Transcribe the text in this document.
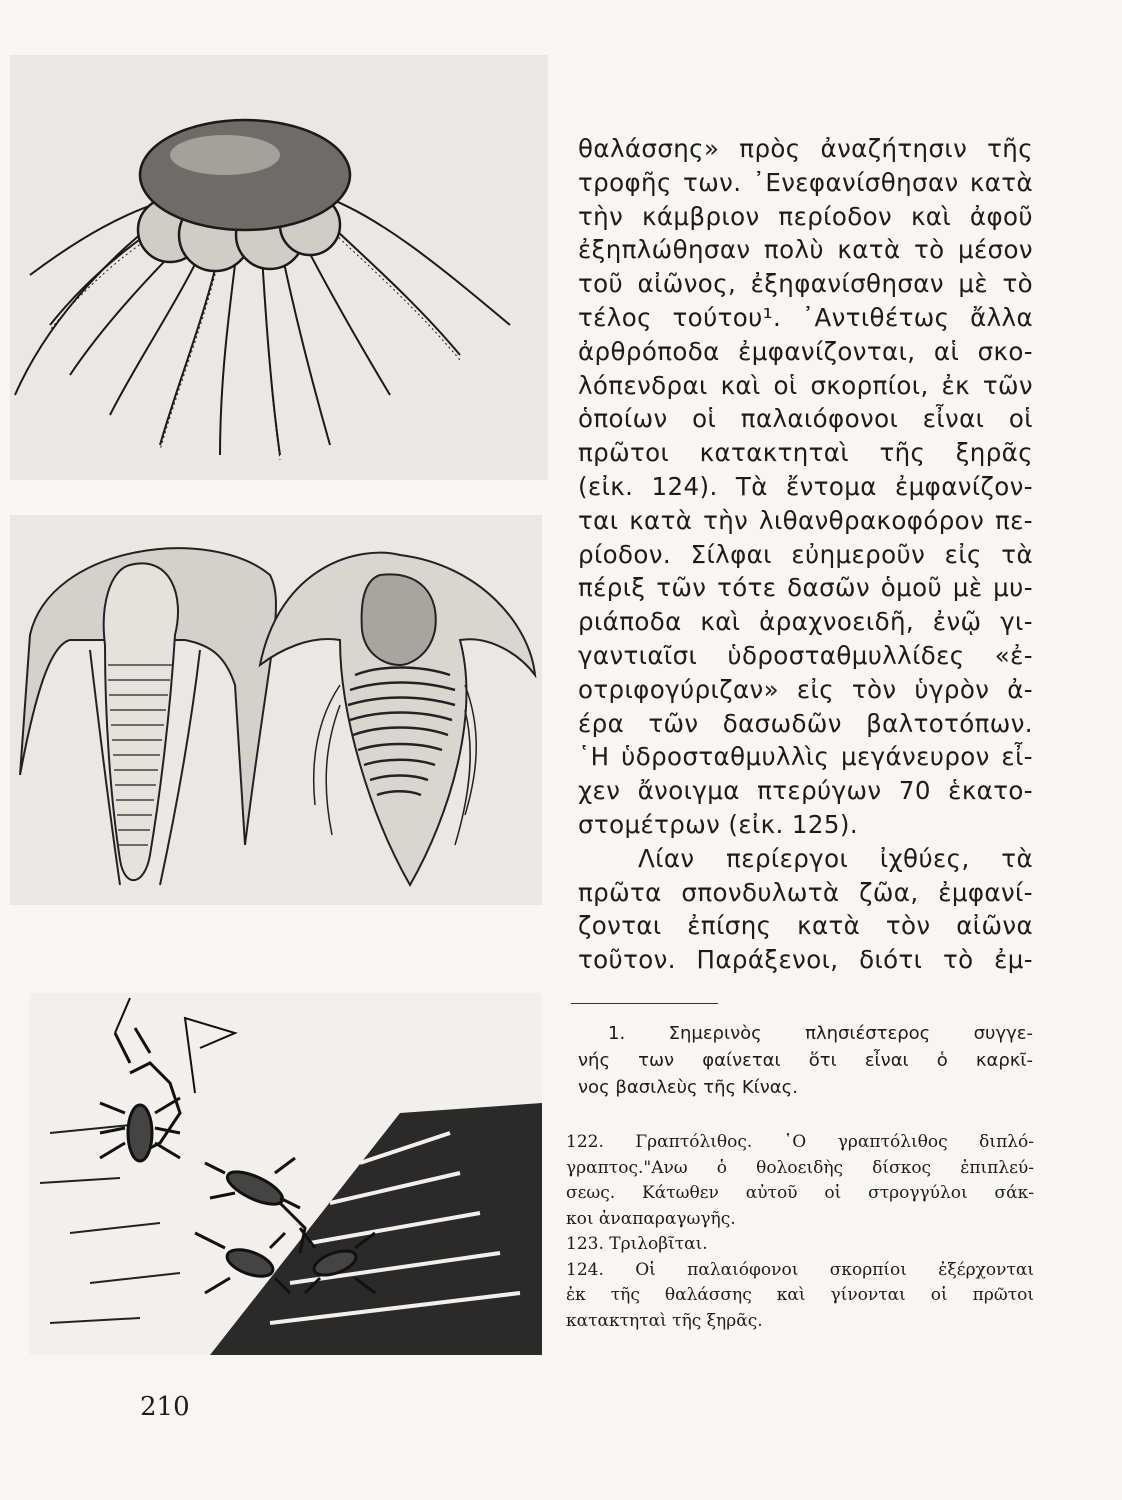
θαλάσσης» πρὸς ἀναζήτησιν τῆς
τροφῆς των. ᾿Ενεφανίσθησαν κατὰ
τὴν κάμβριον περίοδον καὶ ἀφοῦ
ἐξηπλώθησαν πολὺ κατὰ τὸ μέσον
τοῦ αἰῶνος, ἐξηφανίσθησαν μὲ τὸ
τέλος τούτου¹. ᾿Αντιθέτως ἄλλα
ἀρθρόποδα ἐμφανίζονται, αἱ σκο-
λόπενδραι καὶ οἱ σκορπίοι, ἐκ τῶν
ὁποίων οἱ παλαιόφονοι εἶναι οἱ
πρῶτοι κατακτηταὶ τῆς ξηρᾶς
(εἰκ. 124). Τὰ ἔντομα ἐμφανίζον-
ται κατὰ τὴν λιθανθρακοφόρον πε-
ρίοδον. Σίλφαι εὐημεροῦν εἰς τὰ
πέριξ τῶν τότε δασῶν ὁμοῦ μὲ μυ-
ριάποδα καὶ ἀραχνοειδῆ, ἐνῷ γι-
γαντιαῖσι ὑδροσταθμυλλίδες «ἐ-
οτριφογύριζαν» εἰς τὸν ὑγρὸν ἀ-
έρα τῶν δασωδῶν βαλτοτόπων.
῾Η ὑδροσταθμυλλὶς μεγάνευρον εἶ-
χεν ἄνοιγμα πτερύγων 70 ἑκατο-
στομέτρων (εἰκ. 125).
Λίαν περίεργοι ἰχθύες, τὰ
πρῶτα σπονδυλωτὰ ζῶα, ἐμφανί-
ζονται ἐπίσης κατὰ τὸν αἰῶνα
τοῦτον. Παράξενοι, διότι τὸ ἐμ-
1. Σημερινὸς πλησιέστερος συγγε-
νής των φαίνεται ὅτι εἶναι ὁ καρκῖ-
νος βασιλεὺς τῆς Κίνας.
122. Γραπτόλιθος. ῾Ο γραπτόλιθος διπλό-
γραπτος."Ανω ὁ θολοειδὴς δίσκος ἐπιπλεύ-
σεως. Κάτωθεν αὐτοῦ οἱ στρογγύλοι σάκ-
κοι ἀναπαραγωγῆς.
123. Τριλοβῖται.
124. Οἱ παλαιόφονοι σκορπίοι ἐξέρχονται
ἐκ τῆς θαλάσσης καὶ γίνονται οἱ πρῶτοι
κατακτηταὶ τῆς ξηρᾶς.
210
